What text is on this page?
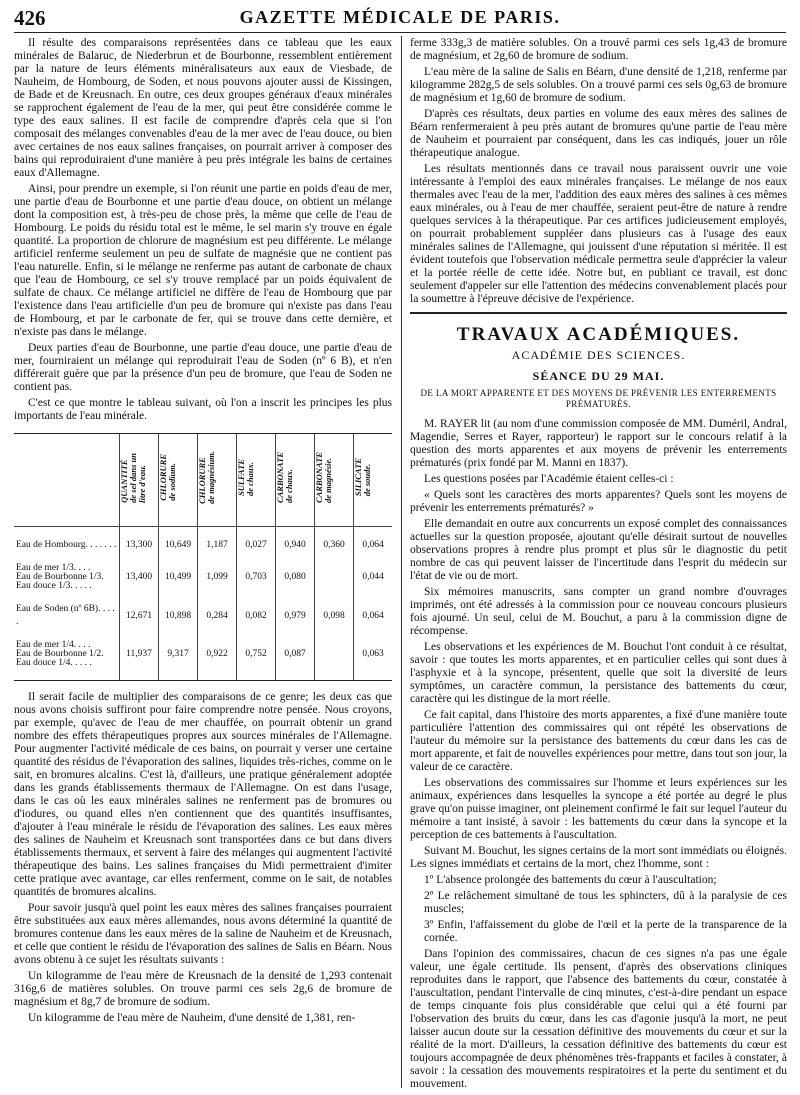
426	GAZETTE MÉDICALE DE PARIS.

Il résulte des comparaisons représentées dans ce tableau que les eaux minérales de Balaruc, de Niederbrun et de Bourbonne, ressemblent entièrement par la nature de leurs éléments minéralisateurs aux eaux de Viesbade, de Nauheim, de Hombourg, de Soden, et nous pouvons ajouter aussi de Kissingen, de Bade et de Kreusnach. En outre, ces deux groupes généraux d'eaux minérales se rapprochent également de l'eau de la mer, qui peut être considérée comme le type des eaux salines. Il est facile de comprendre d'après cela que si l'on composait des mélanges convenables d'eau de la mer avec de l'eau douce, ou bien avec certaines de nos eaux salines françaises, on pourrait arriver à composer des bains qui reproduiraient d'une manière à peu près intégrale les bains de certaines eaux d'Allemagne.

Ainsi, pour prendre un exemple, si l'on réunit une partie en poids d'eau de mer, une partie d'eau de Bourbonne et une partie d'eau douce, on obtient un mélange dont la composition est, à très-peu de chose près, la même que celle de l'eau de Hombourg. Le poids du résidu total est le même, le sel marin s'y trouve en égale quantité. La proportion de chlorure de magnésium est peu différente. Le mélange artificiel renferme seulement un peu de sulfate de magnésie que ne contient pas l'eau naturelle. Enfin, si le mélange ne renferme pas autant de carbonate de chaux que l'eau de Hombourg, ce sel s'y trouve remplacé par un poids équivalent de sulfate de chaux. Ce mélange artificiel ne diffère de l'eau de Hombourg que par l'existence dans l'eau artificielle d'un peu de bromure qui n'existe pas dans l'eau de Hombourg, et par le carbonate de fer, qui se trouve dans cette dernière, et n'existe pas dans le mélange.

Deux parties d'eau de Bourbonne, une partie d'eau douce, une partie d'eau de mer, fourniraient un mélange qui reproduirait l'eau de Soden (nº 6 B), et n'en différerait guère que par la présence d'un peu de bromure, que l'eau de Soden ne contient pas.

C'est ce que montre le tableau suivant, où l'on a inscrit les principes les plus importants de l'eau minérale.

	QUANTITÉ
de sel dans un
litre d'eau.	CHLORURE
de sodium.	CHLORURE
de magnésium.	SULFATE
de chaux.	CARBONATE
de chaux.	CARBONATE
de magnésie.	SILICATE
de soude.

Eau de Hombourg. . . . . . .	13,300	10,649	1,187	0,027	0,940	0,360	0,064

Eau de mer 1/3. . . .
Eau de Bourbonne 1/3.
Eau douce 1/3. . . . .	13,400	10,499	1,099	0,703	0,080		0,044

Eau de Soden (nº 6B). . . . .	12,671	10,898	0,284	0,082	0,979	0,098	0,064

Eau de mer 1/4. . . .
Eau de Bourbonne 1/2.
Eau douce 1/4. . . . .	11,937	9,317	0,922	0,752	0,087		0,063

Il serait facile de multiplier des comparaisons de ce genre; les deux cas que nous avons choisis suffiront pour faire comprendre notre pensée. Nous croyons, par exemple, qu'avec de l'eau de mer chauffée, on pourrait obtenir un grand nombre des effets thérapeutiques propres aux sources minérales de l'Allemagne. Pour augmenter l'activité médicale de ces bains, on pourrait y verser une certaine quantité des résidus de l'évaporation des salines, liquides très-riches, comme on le sait, en bromures alcalins. C'est là, d'ailleurs, une pratique généralement adoptée dans les grands établissements thermaux de l'Allemagne. On est dans l'usage, dans le cas où les eaux minérales salines ne renferment pas de bromures ou d'iodures, ou quand elles n'en contiennent que des quantités insuffisantes, d'ajouter à l'eau minérale le résidu de l'évaporation des salines. Les eaux mères des salines de Nauheim et Kreusnach sont transportées dans ce but dans divers établissements thermaux, et servent à faire des mélanges qui augmentent l'activité thérapeutique des bains. Les salines françaises du Midi permettraient d'imiter cette pratique avec avantage, car elles renferment, comme on le sait, de notables quantités de bromures alcalins.

Pour savoir jusqu'à quel point les eaux mères des salines françaises pourraient être substituées aux eaux mères allemandes, nous avons déterminé la quantité de bromures contenue dans les eaux mères de la saline de Nauheim et de Kreusnach, et celle que contient le résidu de l'évaporation des salines de Salis en Béarn. Nous avons obtenu à ce sujet les résultats suivants :

Un kilogramme de l'eau mère de Kreusnach de la densité de 1,293 contenait 316g,6 de matières solubles. On trouve parmi ces sels 2g,6 de bromure de magnésium et 8g,7 de bromure de sodium.

Un kilogramme de l'eau mère de Nauheim, d'une densité de 1,381, ren-

ferme 333g,3 de matière solubles. On a trouvé parmi ces sels 1g,43 de bromure de magnésium, et 2g,60 de bromure de sodium.

L'eau mère de la saline de Salis en Béarn, d'une densité de 1,218, renferme par kilogramme 282g,5 de sels solubles. On a trouvé parmi ces sels 0g,63 de bromure de magnésium et 1g,60 de bromure de sodium.

D'après ces résultats, deux parties en volume des eaux mères des salines de Béarn renfermeraient à peu près autant de bromures qu'une partie de l'eau mère de Nauheim et pourraient par conséquent, dans les cas indiqués, jouer un rôle thérapeutique analogue.

Les résultats mentionnés dans ce travail nous paraissent ouvrir une voie intéressante à l'emploi des eaux minérales françaises. Le mélange de nos eaux thermales avec l'eau de la mer, l'addition des eaux mères des salines à ces mêmes eaux minérales, ou à l'eau de mer chauffée, seraient peut-être de nature à rendre quelques services à la thérapeutique. Par ces artifices judicieusement employés, on pourrait probablement suppléer dans plusieurs cas à l'usage des eaux minérales salines de l'Allemagne, qui jouissent d'une réputation si méritée. Il est évident toutefois que l'observation médicale permettra seule d'apprécier la valeur et la portée réelle de cette idée. Notre but, en publiant ce travail, est donc seulement d'appeler sur elle l'attention des médecins convenablement placés pour la soumettre à l'épreuve décisive de l'expérience.

TRAVAUX ACADÉMIQUES.
ACADÉMIE DES SCIENCES.
SÉANCE DU 29 MAI.
DE LA MORT APPARENTE ET DES MOYENS DE PRÉVENIR LES ENTERREMENTS PRÉMATURÉS.

M. RAYER lit (au nom d'une commission composée de MM. Duméril, Andral, Magendie, Serres et Rayer, rapporteur) le rapport sur le concours relatif à la question des morts apparentes et aux moyens de prévenir les enterrements prématurés (prix fondé par M. Manni en 1837).

Les questions posées par l'Académie étaient celles-ci :

« Quels sont les caractères des morts apparentes? Quels sont les moyens de prévenir les enterrements prématurés? »

Elle demandait en outre aux concurrents un exposé complet des connaissances actuelles sur la question proposée, ajoutant qu'elle désirait surtout de nouvelles observations propres à rendre plus prompt et plus sûr le diagnostic du petit nombre de cas qui peuvent laisser de l'incertitude dans l'esprit du médecin sur l'état de vie ou de mort.

Six mémoires manuscrits, sans compter un grand nombre d'ouvrages imprimés, ont été adressés à la commission pour ce nouveau concours plusieurs fois ajourné. Un seul, celui de M. Bouchut, a paru à la commission digne de récompense.

Les observations et les expériences de M. Bouchut l'ont conduit à ce résultat, savoir : que toutes les morts apparentes, et en particulier celles qui sont dues à l'asphyxie et à la syncope, présentent, quelle que soit la diversité de leurs symptômes, un caractère commun, la persistance des battements du cœur, caractère qui les distingue de la mort réelle.

Ce fait capital, dans l'histoire des morts apparentes, a fixé d'une manière toute particulière l'attention des commissaires qui ont répété les observations de l'auteur du mémoire sur la persistance des battements du cœur dans les cas de mort apparente, et fait de nouvelles expériences pour mettre, dans tout son jour, la valeur de ce caractère.

Les observations des commissaires sur l'homme et leurs expériences sur les animaux, expériences dans lesquelles la syncope a été portée au degré le plus grave qu'on puisse imaginer, ont pleinement confirmé le fait sur lequel l'auteur du mémoire a tant insisté, à savoir : les battements du cœur dans la syncope et la perception de ces battements à l'auscultation.

Suivant M. Bouchut, les signes certains de la mort sont immédiats ou éloignés. Les signes immédiats et certains de la mort, chez l'homme, sont :

1º L'absence prolongée des battements du cœur à l'auscultation;

2º Le relâchement simultané de tous les sphincters, dû à la paralysie de ces muscles;

3º Enfin, l'affaissement du globe de l'œil et la perte de la transparence de la cornée.

Dans l'opinion des commissaires, chacun de ces signes n'a pas une égale valeur, une égale certitude. Ils pensent, d'après des observations cliniques reproduites dans le rapport, que l'absence des battements du cœur, constatée à l'auscultation, pendant l'intervalle de cinq minutes, c'est-à-dire pendant un espace de temps cinquante fois plus considérable que celui qui a été fourni par l'observation des bruits du cœur, dans les cas d'agonie jusqu'à la mort, ne peut laisser aucun doute sur la cessation définitive des mouvements du cœur et sur la réalité de la mort. D'ailleurs, la cessation définitive des battements du cœur est toujours accompagnée de deux phénomènes très-frappants et faciles à constater, à savoir : la cessation des mouvements respiratoires et la perte du sentiment et du mouvement.
